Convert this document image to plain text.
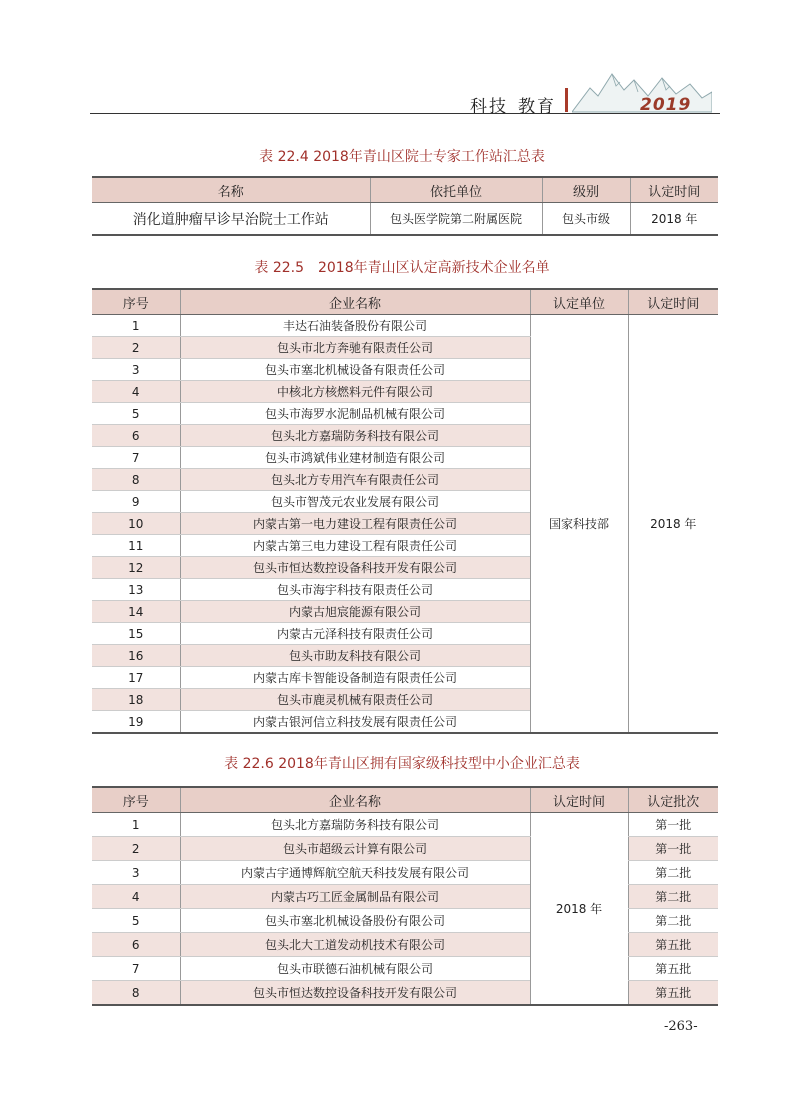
科技 教育	2019
表 22.4 2018年青山区院士专家工作站汇总表
名称	依托单位	级别	认定时间
消化道肿瘤早诊早治院士工作站	包头医学院第二附属医院	包头市级	2018 年
表 22.5　2018年青山区认定高新技术企业名单
序号	企业名称	认定单位	认定时间
1	丰达石油装备股份有限公司	国家科技部	2018 年
2	包头市北方奔驰有限责任公司		
3	包头市塞北机械设备有限责任公司		
4	中核北方核燃料元件有限公司		
5	包头市海罗水泥制品机械有限公司		
6	包头北方嘉瑞防务科技有限公司		
7	包头市鸿斌伟业建材制造有限公司		
8	包头北方专用汽车有限责任公司		
9	包头市智茂元农业发展有限公司		
10	内蒙古第一电力建设工程有限责任公司		
11	内蒙古第三电力建设工程有限责任公司		
12	包头市恒达数控设备科技开发有限公司		
13	包头市海宇科技有限责任公司		
14	内蒙古旭宸能源有限公司		
15	内蒙古元泽科技有限责任公司		
16	包头市助友科技有限公司		
17	内蒙古库卡智能设备制造有限责任公司		
18	包头市鹿灵机械有限责任公司		
19	内蒙古银河信立科技发展有限责任公司		
表 22.6 2018年青山区拥有国家级科技型中小企业汇总表
序号	企业名称	认定时间	认定批次
1	包头北方嘉瑞防务科技有限公司	2018 年	第一批
2	包头市超级云计算有限公司		第一批
3	内蒙古宇通博辉航空航天科技发展有限公司		第二批
4	内蒙古巧工匠金属制品有限公司		第二批
5	包头市塞北机械设备股份有限公司		第二批
6	包头北大工道发动机技术有限公司		第五批
7	包头市联德石油机械有限公司		第五批
8	包头市恒达数控设备科技开发有限公司		第五批
-263-
